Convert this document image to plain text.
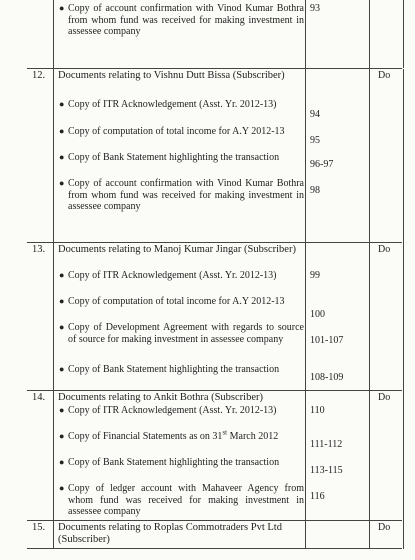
● Copy of account confirmation with Vinod Kumar Bothra from whom fund was received for making investment in assessee company
93
12. Documents relating to Vishnu Dutt Bissa (Subscriber)
● Copy of ITR Acknowledgement (Asst. Yr. 2012-13)
● Copy of computation of total income for A.Y 2012-13
● Copy of Bank Statement highlighting the transaction
● Copy of account confirmation with Vinod Kumar Bothra from whom fund was received for making investment in assessee company
94
95
96-97
98
Do
13. Documents relating to Manoj Kumar Jingar (Subscriber)
● Copy of ITR Acknowledgement (Asst. Yr. 2012-13)
● Copy of computation of total income for A.Y 2012-13
● Copy of Development Agreement with regards to source of source for making investment in assessee company
● Copy of Bank Statement highlighting the transaction
99
100
101-107
108-109
Do
14. Documents relating to Ankit Bothra (Subscriber)
● Copy of ITR Acknowledgement (Asst. Yr. 2012-13)
● Copy of Financial Statements as on 31st March 2012
● Copy of Bank Statement highlighting the transaction
● Copy of ledger account with Mahaveer Agency from whom fund was received for making investment in assessee company
110
111-112
113-115
116
Do
15. Documents relating to Roplas Commotraders Pvt Ltd (Subscriber)
Do
